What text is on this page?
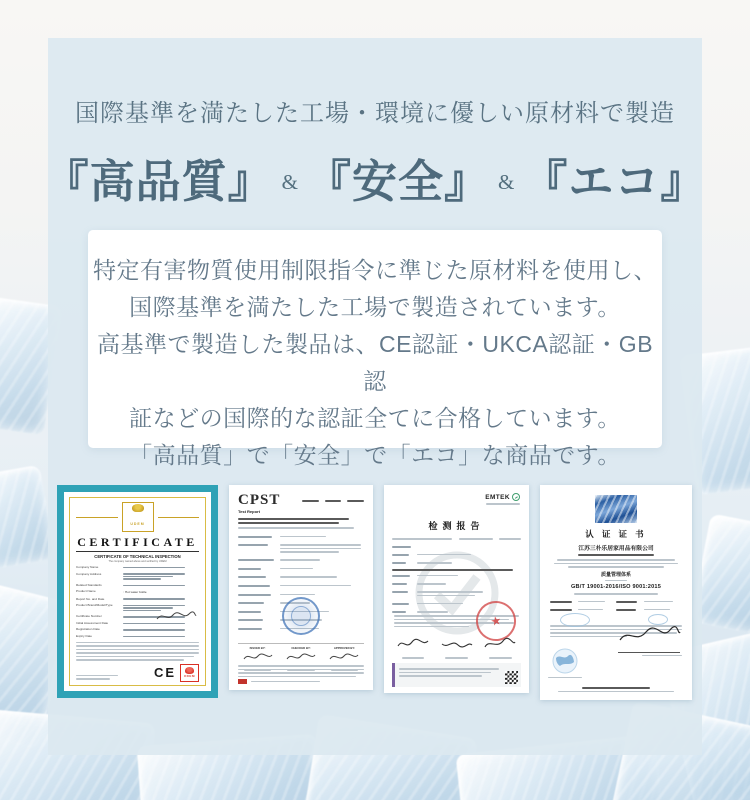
国際基準を満たした工場・環境に優しい原材料で製造
『高品質』 & 『安全』 & 『エコ』

特定有害物質使用制限指令に準じた原材料を使用し、

国際基準を満たした工場で製造されています。

高基準で製造した製品は、CE認証・UKCA認証・GB認

証などの国際的な認証全てに合格しています。

「高品質」で「安全」で「エコ」な商品です。

UDEM
CERTIFICATE
CERTIFICATE OF TECHNICAL INSPECTION
The company named above and verified by UDEM
Company Name
Company Address
Related Standards
Product Name	: Hot water bottle
Report No. and Date
Product Brand/Model/Type
Certificate Number
Initial Assessment Date
Registration Date
Expiry Date
CE	UDEM
CPST
Test Report
ISSUED BY:	CHECKED BY:	APPROVED BY:
EMTEK
检测报告
★
认 证 证 书
江苏三朴乐居家用品有限公司
质量管理体系
GB/T 19001-2016/ISO 9001:2015
